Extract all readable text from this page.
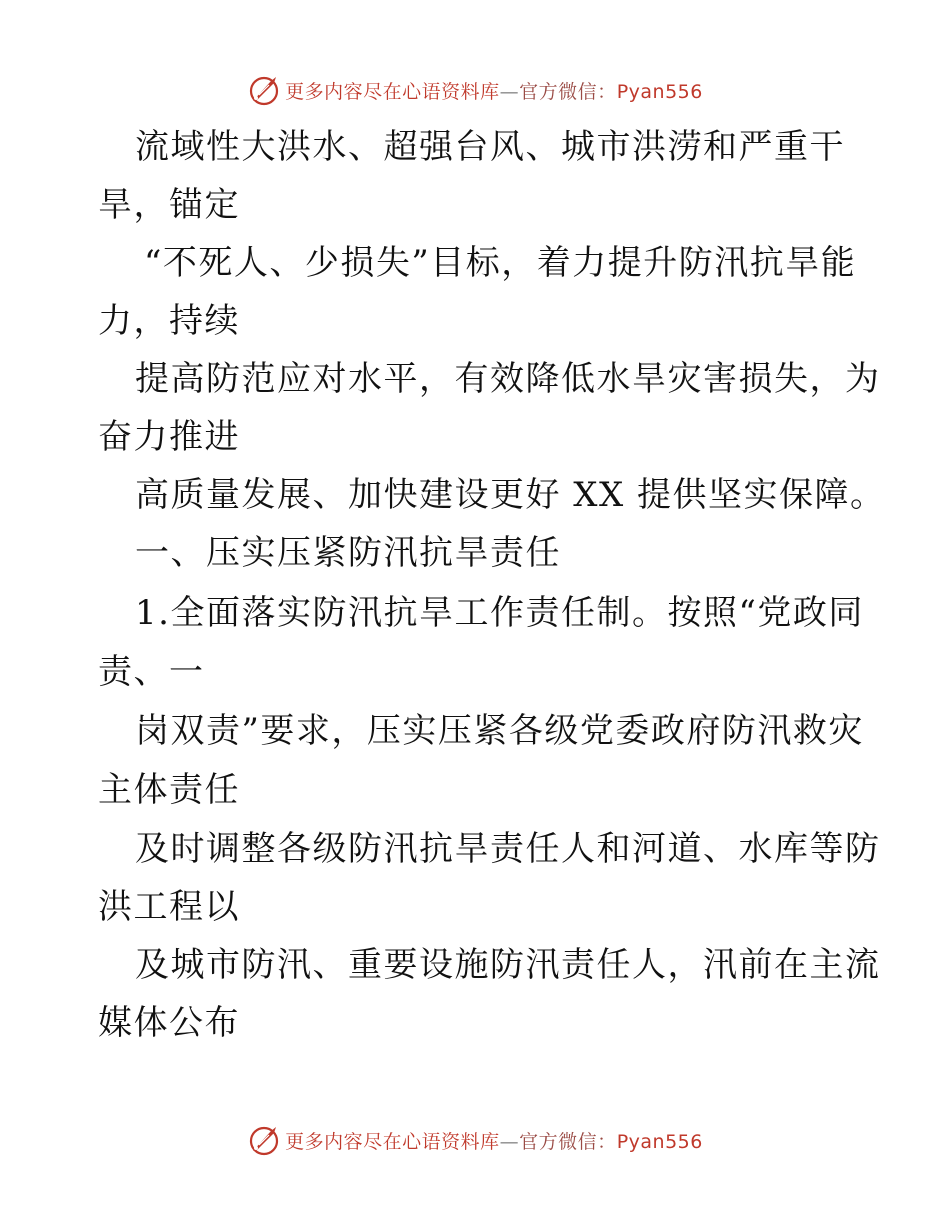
更多内容尽在心语资料库—官方微信：Pyan556
流域性大洪水、超强台风、城市洪涝和严重干
旱，锚定
“不死人、少损失”目标，着力提升防汛抗旱能
力，持续
提高防范应对水平，有效降低水旱灾害损失，为
奋力推进
高质量发展、加快建设更好 XX 提供坚实保障。
一、压实压紧防汛抗旱责任
1.全面落实防汛抗旱工作责任制。按照“党政同
责、一
岗双责”要求，压实压紧各级党委政府防汛救灾
主体责任
及时调整各级防汛抗旱责任人和河道、水库等防
洪工程以
及城市防汛、重要设施防汛责任人，汛前在主流
媒体公布
更多内容尽在心语资料库—官方微信：Pyan556
